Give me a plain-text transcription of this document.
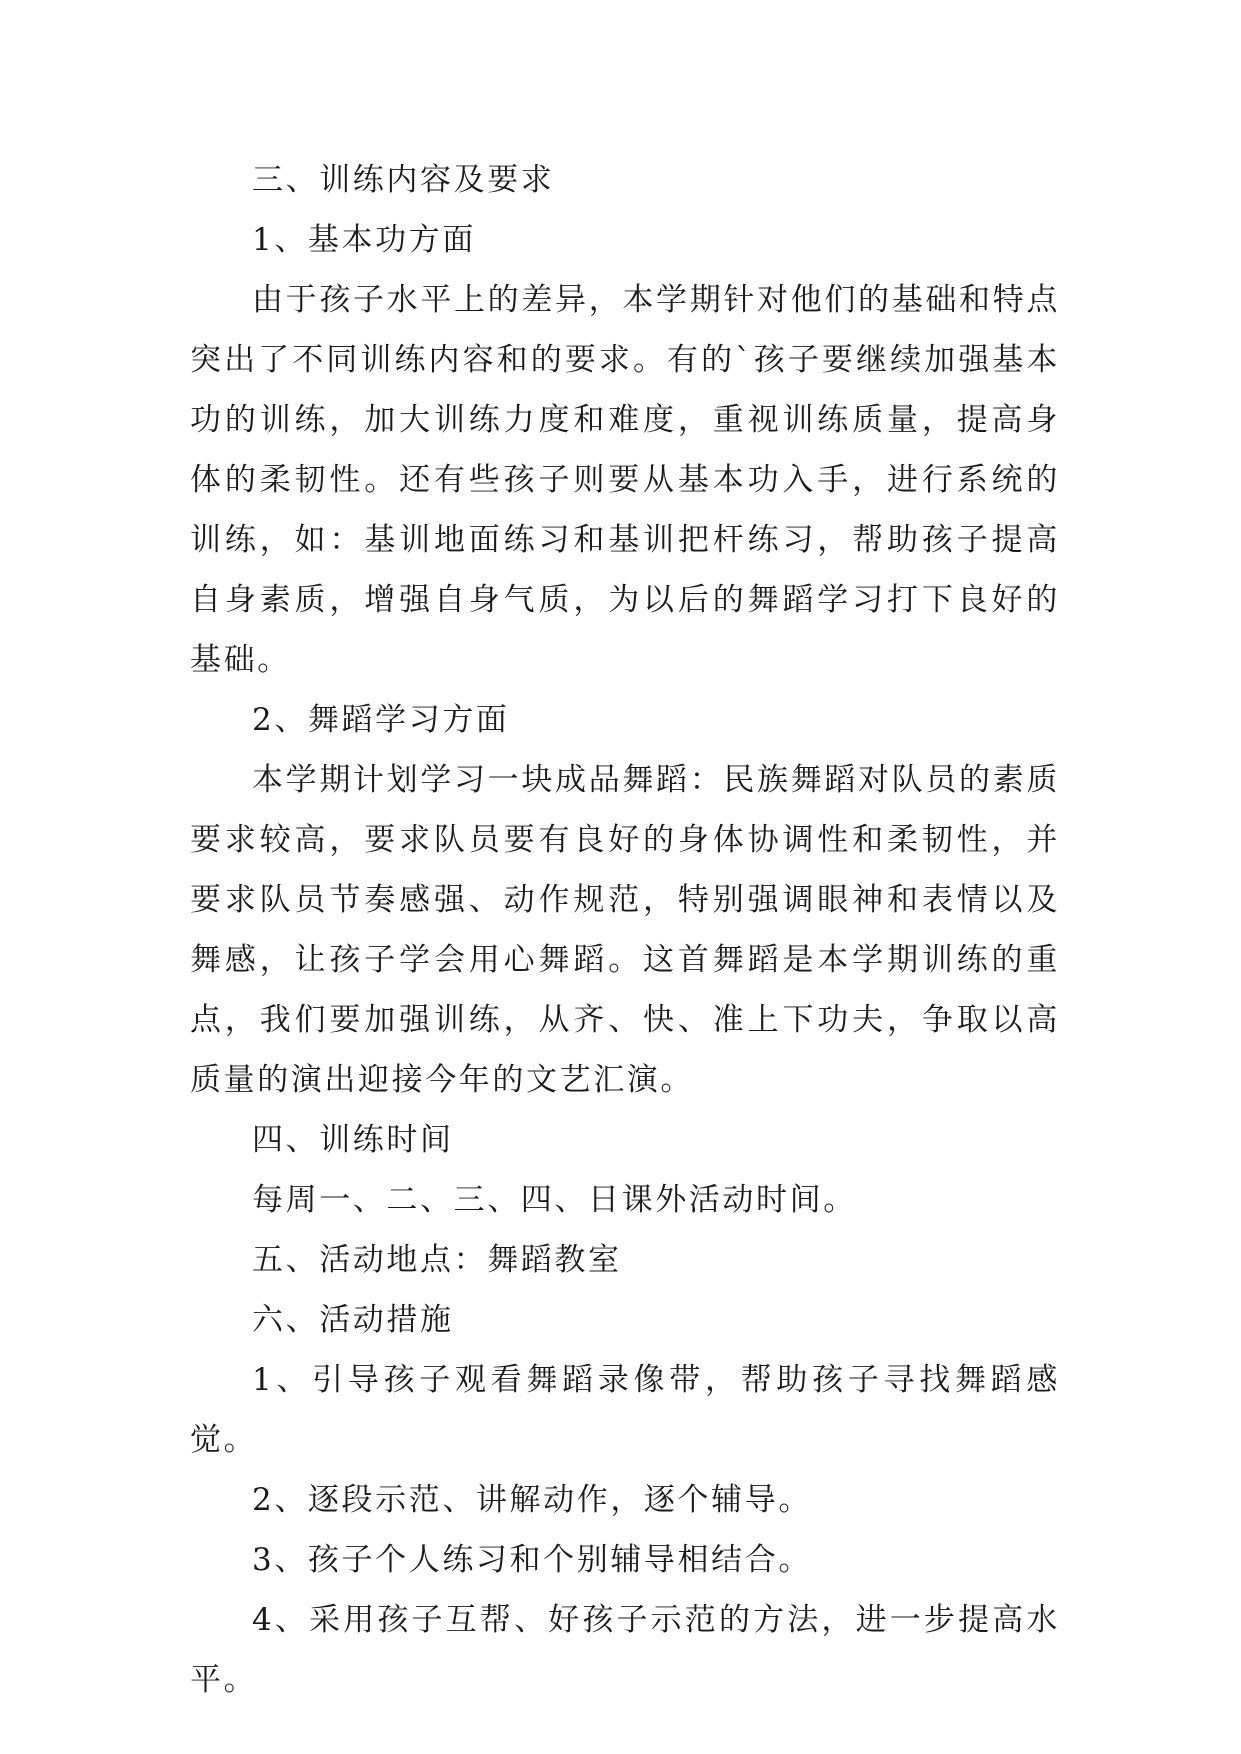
三、训练内容及要求

1、基本功方面

由于孩子水平上的差异，本学期针对他们的基础和特点突出了不同训练内容和的要求。有的`孩子要继续加强基本功的训练，加大训练力度和难度，重视训练质量，提高身体的柔韧性。还有些孩子则要从基本功入手，进行系统的训练，如：基训地面练习和基训把杆练习，帮助孩子提高自身素质，增强自身气质，为以后的舞蹈学习打下良好的基础。

2、舞蹈学习方面

本学期计划学习一块成品舞蹈：民族舞蹈对队员的素质要求较高，要求队员要有良好的身体协调性和柔韧性，并要求队员节奏感强、动作规范，特别强调眼神和表情以及舞感，让孩子学会用心舞蹈。这首舞蹈是本学期训练的重点，我们要加强训练，从齐、快、准上下功夫，争取以高质量的演出迎接今年的文艺汇演。

四、训练时间

每周一、二、三、四、日课外活动时间。

五、活动地点：舞蹈教室

六、活动措施

1、引导孩子观看舞蹈录像带，帮助孩子寻找舞蹈感觉。

2、逐段示范、讲解动作，逐个辅导。

3、孩子个人练习和个别辅导相结合。

4、采用孩子互帮、好孩子示范的方法，进一步提高水平。
